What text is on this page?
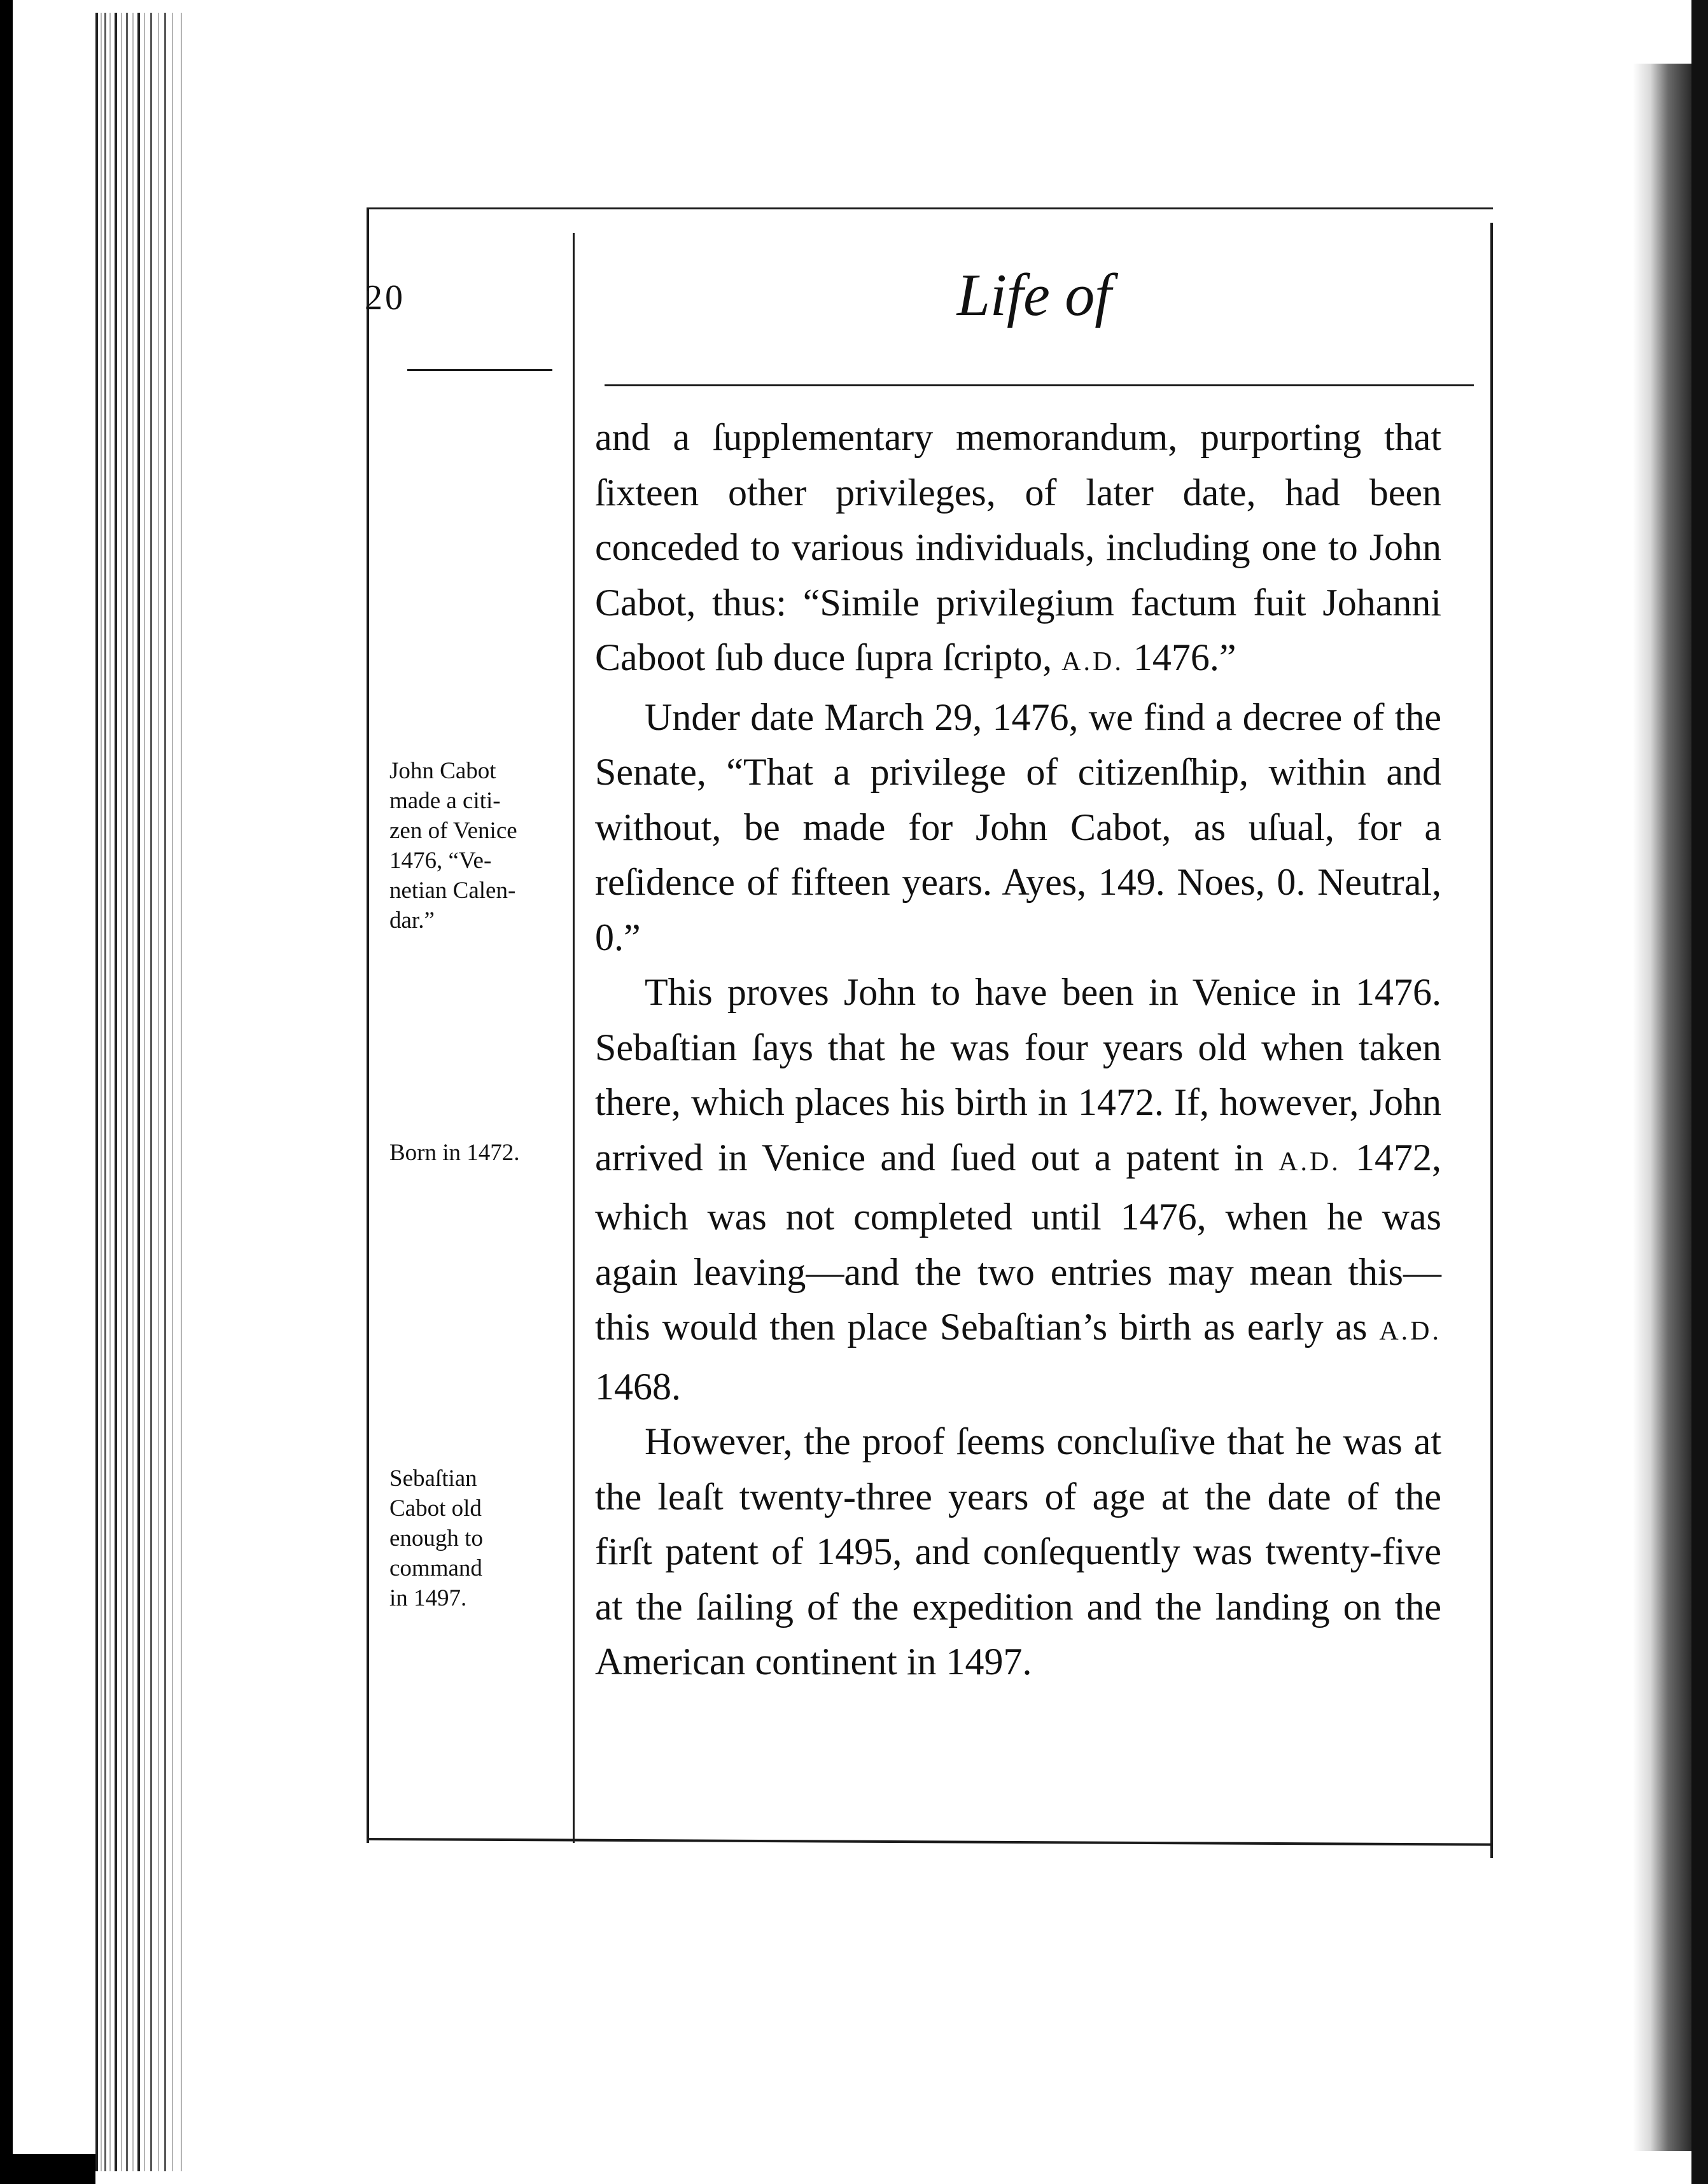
20	Life of

and a ſupplementary memorandum, purporting that ſixteen other privileges, of later date, had been conceded to various individuals, including one to John Cabot, thus: “Simile privilegium factum fuit Johanni Caboot ſub duce ſupra ſcripto, A.D. 1476.”

Under date March 29, 1476, we find a decree of the Senate, “That a privilege of citizenſhip, within and without, be made for John Cabot, as uſual, for a reſidence of fifteen years. Ayes, 149. Noes, 0. Neutral, 0.”

This proves John to have been in Venice in 1476. Sebaſtian ſays that he was four years old when taken there, which places his birth in 1472. If, however, John arrived in Venice and ſued out a patent in A.D. 1472, which was not completed until 1476, when he was again leaving—and the two entries may mean this—this would then place Sebaſtian’s birth as early as A.D. 1468.

However, the proof ſeems concluſive that he was at the leaſt twenty-three years of age at the date of the firſt patent of 1495, and conſequently was twenty-five at the ſailing of the expedition and the landing on the American continent in 1497.

John Cabot
made a citi-
zen of Venice
1476, “Ve-
netian Calen-
dar.”
Born in 1472.
Sebaſtian
Cabot old
enough to
command
in 1497.
